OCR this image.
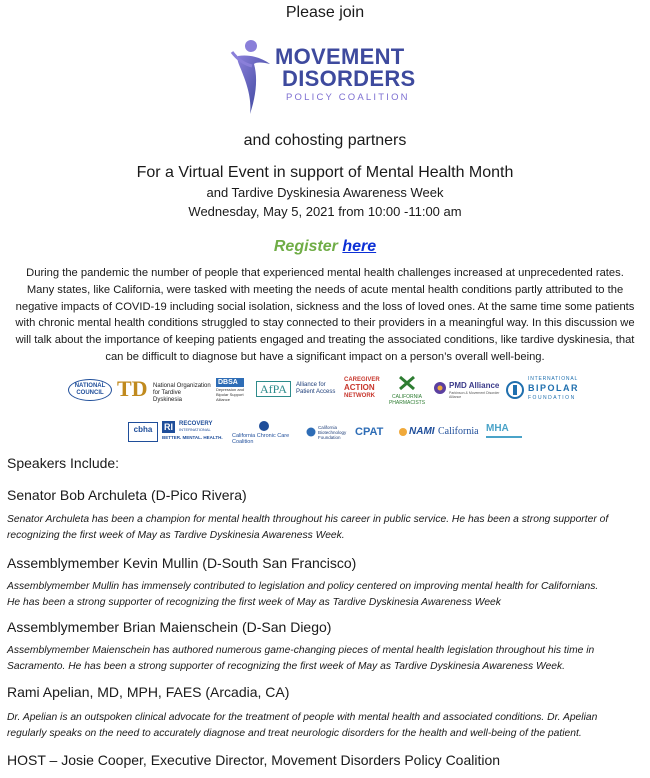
Please join
MOVEMENT
DISORDERS
POLICY COALITION
and cohosting partners
For a Virtual Event in support of Mental Health Month
and Tardive Dyskinesia Awareness Week
Wednesday, May 5, 2021 from 10:00 -11:00 am
Register here
During the pandemic the number of people that experienced mental health challenges increased at unprecedented rates.
Many states, like California, were tasked with meeting the needs of acute mental health conditions partly attributed to the
negative impacts of COVID-19 including social isolation, sickness and the loss of loved ones. At the same time some patients
with chronic mental health conditions struggled to stay connected to their providers in a meaningful way. In this discussion we
will talk about the importance of keeping patients engaged and treating the associated conditions, like tardive dyskinesia, that
can be difficult to diagnose but have a significant impact on a person’s overall well-being.
NATIONAL
COUNCIL TD National Organization for Tardive Dyskinesia
DBSA
Depression and Bipolar Support Alliance
AfPA	Alliance for Patient Access
CAREGIVER
ACTION
NETWORK	CALIFORNIA
PHARMACISTS
PMD Alliance
Parkinson & Movement Disorder Alliance
INTERNATIONAL
BIPOLAR
FOUNDATION
cbha	RI	RECOVERY
INTERNATIONAL
BETTER. MENTAL. HEALTH. California Chronic Care Coalition
California Biotechnology Foundation	CPAT	NAMI California MHA
Speakers Include:
Senator Bob Archuleta (D-Pico Rivera)
Senator Archuleta has been a champion for mental health throughout his career in public service. He has been a strong supporter of
recognizing the first week of May as Tardive Dyskinesia Awareness Week.
Assemblymember Kevin Mullin (D-South San Francisco)
Assemblymember Mullin has immensely contributed to legislation and policy centered on improving mental health for Californians.
He has been a strong supporter of recognizing the first week of May as Tardive Dyskinesia Awareness Week
Assemblymember Brian Maienschein (D-San Diego)
Assemblymember Maienschein has authored numerous game-changing pieces of mental health legislation throughout his time in
Sacramento. He has been a strong supporter of recognizing the first week of May as Tardive Dyskinesia Awareness Week.
Rami Apelian, MD, MPH, FAES (Arcadia, CA)
Dr. Apelian is an outspoken clinical advocate for the treatment of people with mental health and associated conditions. Dr. Apelian
regularly speaks on the need to accurately diagnose and treat neurologic disorders for the health and well-being of the patient.
HOST – Josie Cooper, Executive Director, Movement Disorders Policy Coalition
